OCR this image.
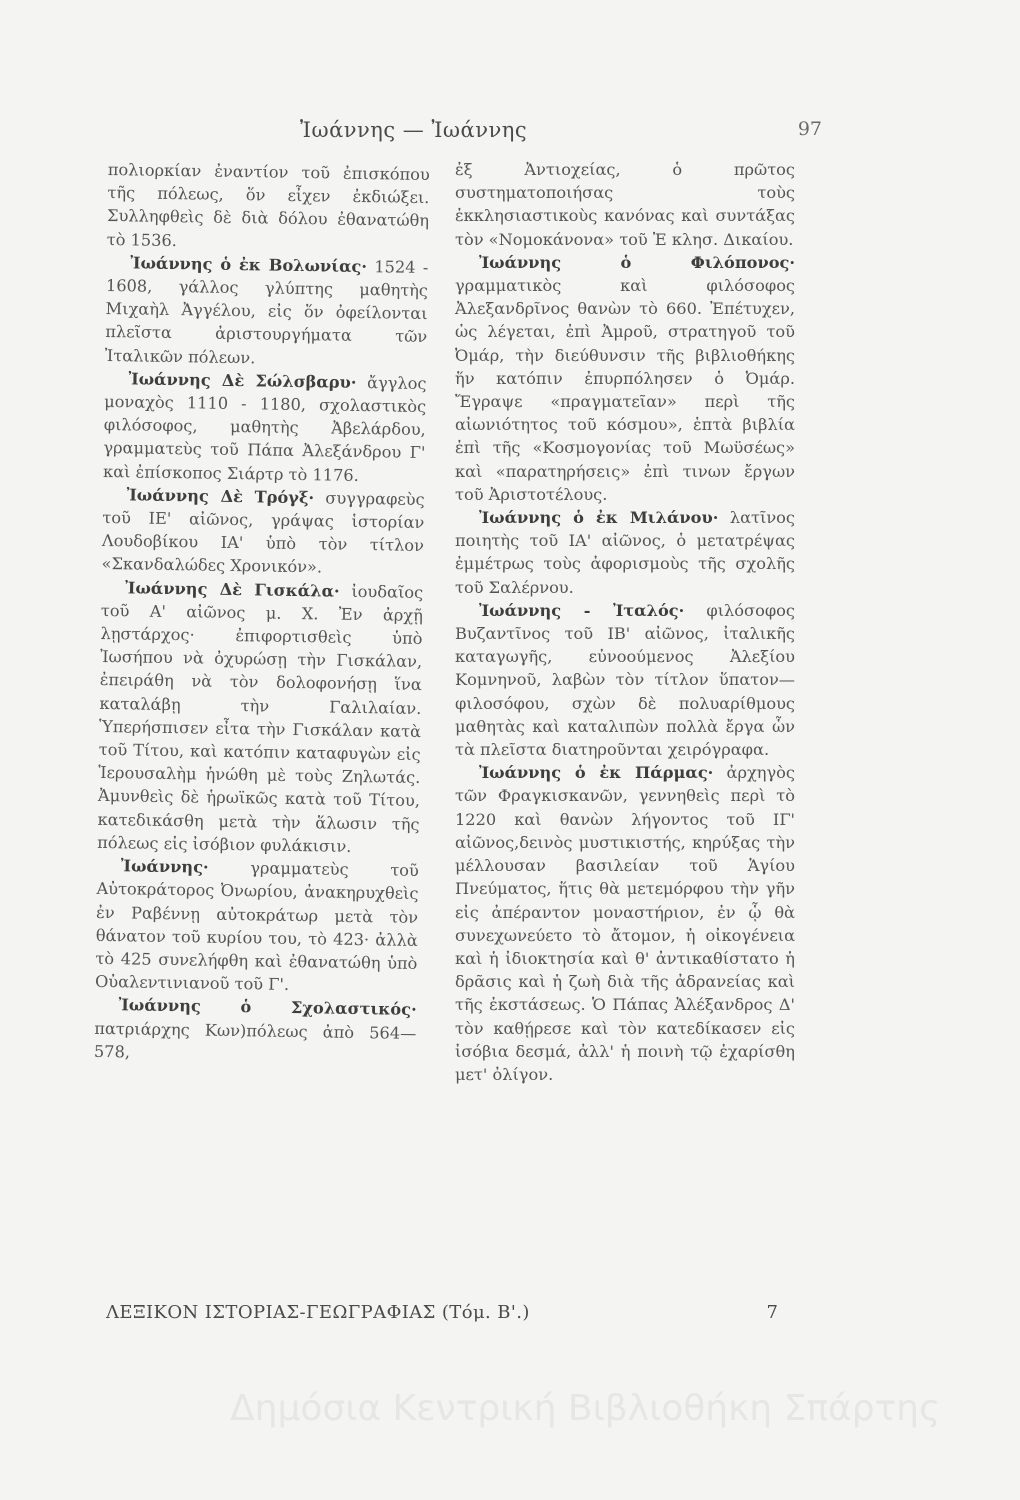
Ἰωάννης — Ἰωάννης	97

πολιορκίαν ἐναντίον τοῦ ἐπισκόπου τῆς πόλεως, ὅν εἶχεν ἐκδιώξει. Συλληφθεὶς δὲ διὰ δόλου ἐθανατώθη τὸ 1536.

Ἰωάννης ὁ ἐκ Βολωνίας· 1524 - 1608, γάλλος γλύπτης μαθητὴς Μιχαὴλ Ἀγγέλου, εἰς ὅν ὀφείλονται πλεῖστα ἀριστουργήματα τῶν Ἰταλικῶν πόλεων.

Ἰωάννης Δὲ Σώλσβαρυ· ἄγγλος μοναχὸς 1110 - 1180, σχολαστικὸς φιλόσοφος, μαθητὴς Ἀβελάρδου, γραμματεὺς τοῦ Πάπα Ἀλεξάνδρου Γ' καὶ ἐπίσκοπος Σιάρτρ τὸ 1176.

Ἰωάννης Δὲ Τρόγξ· συγγραφεὺς τοῦ ΙΕ' αἰῶνος, γράψας ἱστορίαν Λουδοβίκου ΙΑ' ὑπὸ τὸν τίτλον «Σκανδαλώδες Χρονικόν».

Ἰωάννης Δὲ Γισκάλα· ἰουδαῖος τοῦ Α' αἰῶνος μ. Χ. Ἐν ἀρχῇ λῃστάρχος· ἐπιφορτισθεὶς ὑπὸ Ἰωσήπου νὰ ὀχυρώσῃ τὴν Γισκάλαν, ἐπειράθη νὰ τὸν δολοφονήσῃ ἵνα καταλάβῃ τὴν Γαλιλαίαν. Ὑπερήσπισεν εἶτα τὴν Γισκάλαν κατὰ τοῦ Τίτου, καὶ κατόπιν καταφυγὼν εἰς Ἱερουσαλὴμ ἡνώθη μὲ τοὺς Ζηλωτάς. Ἀμυνθεὶς δὲ ἡρωϊκῶς κατὰ τοῦ Τίτου, κατεδικάσθη μετὰ τὴν ἅλωσιν τῆς πόλεως εἰς ἰσόβιον φυλάκισιν.

Ἰωάννης·	γραμματεὺς τοῦ Αὐτοκράτορος Ὀνωρίου, ἀνακηρυχθεὶς ἐν Ραβέννῃ αὐτοκράτωρ μετὰ τὸν θάνατον τοῦ κυρίου του, τὸ 423· ἀλλὰ τὸ 425 συνελήφθη καὶ ἐθανατώθη ὑπὸ Οὐαλεντινιανοῦ τοῦ Γ'.

Ἰωάννης ὁ Σχολαστικός· πατριάρχης Κων)πόλεως ἀπὸ 564—578,

ἐξ Ἀντιοχείας, ὁ πρῶτος συστηματοποιήσας τοὺς ἐκκλησιαστικοὺς κανόνας καὶ συντάξας τὸν «Νομοκάνονα» τοῦ Ἐ κλησ. Δικαίου.

Ἰωάννης ὁ Φιλόπονος· γραμματικὸς καὶ φιλόσοφος Ἀλεξανδρῖνος θανὼν τὸ 660. Ἐπέτυχεν, ὡς λέγεται, ἐπὶ Ἀμροῦ, στρατηγοῦ τοῦ Ὀμάρ, τὴν διεύθυνσιν τῆς βιβλιοθήκης ἥν κατόπιν ἐπυρπόλησεν ὁ Ὀμάρ. Ἔγραψε «πραγματεῖαν» περὶ τῆς αἰωνιότητος τοῦ κόσμου», ἑπτὰ βιβλία ἐπὶ τῆς «Κοσμογονίας τοῦ Μωϋσέως» καὶ «παρατηρήσεις» ἐπὶ τινων ἔργων τοῦ Ἀριστοτέλους.

Ἰωάννης ὁ ἐκ Μιλάνου· λατῖνος ποιητὴς τοῦ ΙΑ' αἰῶνος, ὁ μετατρέψας ἐμμέτρως τοὺς ἀφορισμοὺς τῆς σχολῆς τοῦ Σαλέρνου.

Ἰωάννης - Ἰταλός· φιλόσοφος Βυζαντῖνος τοῦ ΙΒ' αἰῶνος, ἰταλικῆς καταγωγῆς, εὐνοούμενος Ἀλεξίου Κομνηνοῦ, λαβὼν τὸν τίτλον ὕπατον— φιλοσόφου, σχὼν δὲ πολυαρίθμους μαθητὰς καὶ καταλιπὼν πολλὰ ἔργα ὧν τὰ πλεῖστα διατηροῦνται χειρόγραφα.

Ἰωάννης ὁ ἐκ Πάρμας· ἀρχηγὸς τῶν Φραγκισκανῶν, γεννηθεὶς περὶ τὸ 1220 καὶ θανὼν λήγοντος τοῦ ΙΓ' αἰῶνος,δεινὸς μυστικιστής, κηρύξας τὴν μέλλουσαν βασιλείαν τοῦ Ἁγίου Πνεύματος, ἥτις θὰ μετεμόρφου τὴν γῆν εἰς ἀπέραντον μοναστήριον, ἐν ᾧ θὰ συνεχωνεύετο τὸ ἄτομον, ἡ οἰκογένεια καὶ ἡ ἰδιοκτησία καὶ θ' ἀντικαθίστατο ἡ δρᾶσις καὶ ἡ ζωὴ διὰ τῆς ἀδρανείας καὶ τῆς ἐκστάσεως. Ὁ Πάπας Ἀλέξανδρος Δ' τὸν καθῄρεσε καὶ τὸν κατεδίκασεν εἰς ἰσόβια δεσμά, ἀλλ' ἡ ποινὴ τῷ ἐχαρίσθη μετ' ὀλίγον.

ΛΕΞΙΚΟΝ ΙΣΤΟΡΙΑΣ-ΓΕΩΓΡΑΦΙΑΣ (Τόμ. Β'.)	7
Δημόσια Κεντρική Βιβλιοθήκη Σπάρτης
